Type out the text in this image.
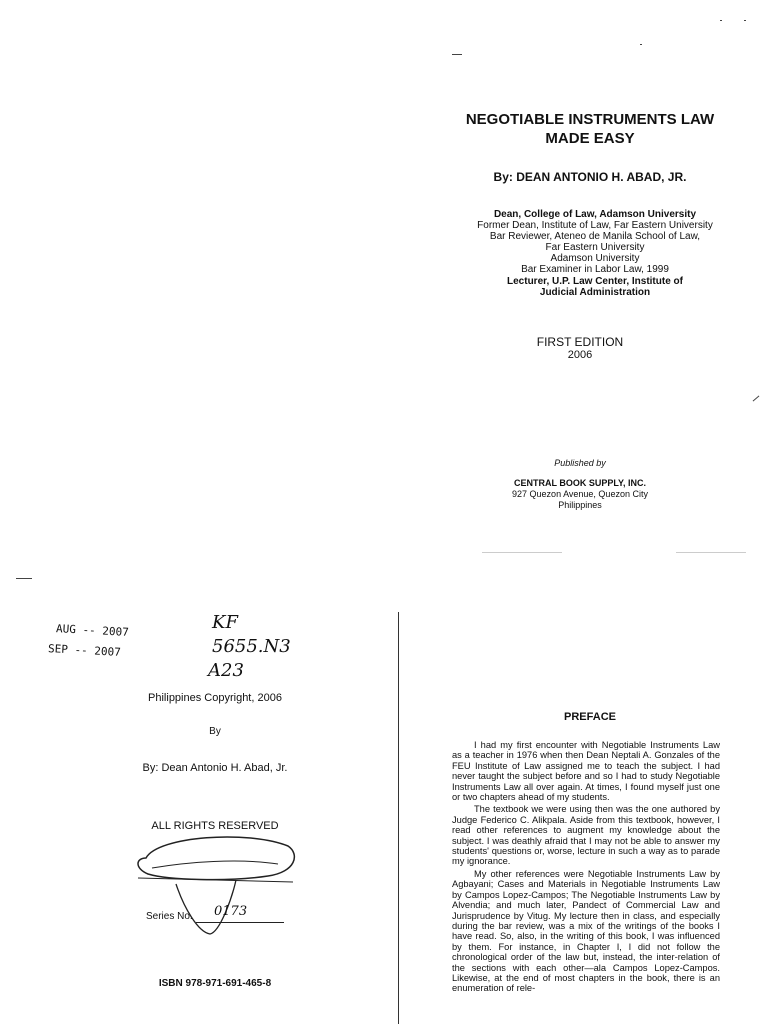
NEGOTIABLE INSTRUMENTS LAW
MADE EASY
By: DEAN ANTONIO H. ABAD, JR.
Dean, College of Law, Adamson University
Former Dean, Institute of Law, Far Eastern University
Bar Reviewer, Ateneo de Manila School of Law,
Far Eastern University
Adamson University
Bar Examiner in Labor Law, 1999
Lecturer, U.P. Law Center, Institute of
Judicial Administration
FIRST EDITION
2006
Published by
CENTRAL BOOK SUPPLY, INC.
927 Quezon Avenue, Quezon City
Philippines
AUG -- 2007
SEP -- 2007
KF
5655.N3
A23
Philippines Copyright, 2006
By
By: Dean Antonio H. Abad, Jr.
ALL RIGHTS RESERVED
Series No. 0173
ISBN 978-971-691-465-8
PREFACE

I had my first encounter with Negotiable Instruments Law as a teacher in 1976 when then Dean Neptali A. Gonzales of the FEU Institute of Law assigned me to teach the subject. I had never taught the subject before and so I had to study Negotiable Instruments Law all over again. At times, I found myself just one or two chapters ahead of my students.

The textbook we were using then was the one authored by Judge Federico C. Alikpala. Aside from this textbook, however, I read other references to augment my knowledge about the subject. I was deathly afraid that I may not be able to answer my students' questions or, worse, lecture in such a way as to parade my ignorance.

My other references were Negotiable Instruments Law by Agbayani; Cases and Materials in Negotiable Instruments Law by Campos Lopez-Campos; The Negotiable Instruments Law by Alvendia; and much later, Pandect of Commercial Law and Jurisprudence by Vitug. My lecture then in class, and especially during the bar review, was a mix of the writings of the books I have read. So, also, in the writing of this book, I was influenced by them. For instance, in Chapter I, I did not follow the chronological order of the law but, instead, the inter-relation of the sections with each other—ala Campos Lopez-Campos. Likewise, at the end of most chapters in the book, there is an enumeration of rele-
